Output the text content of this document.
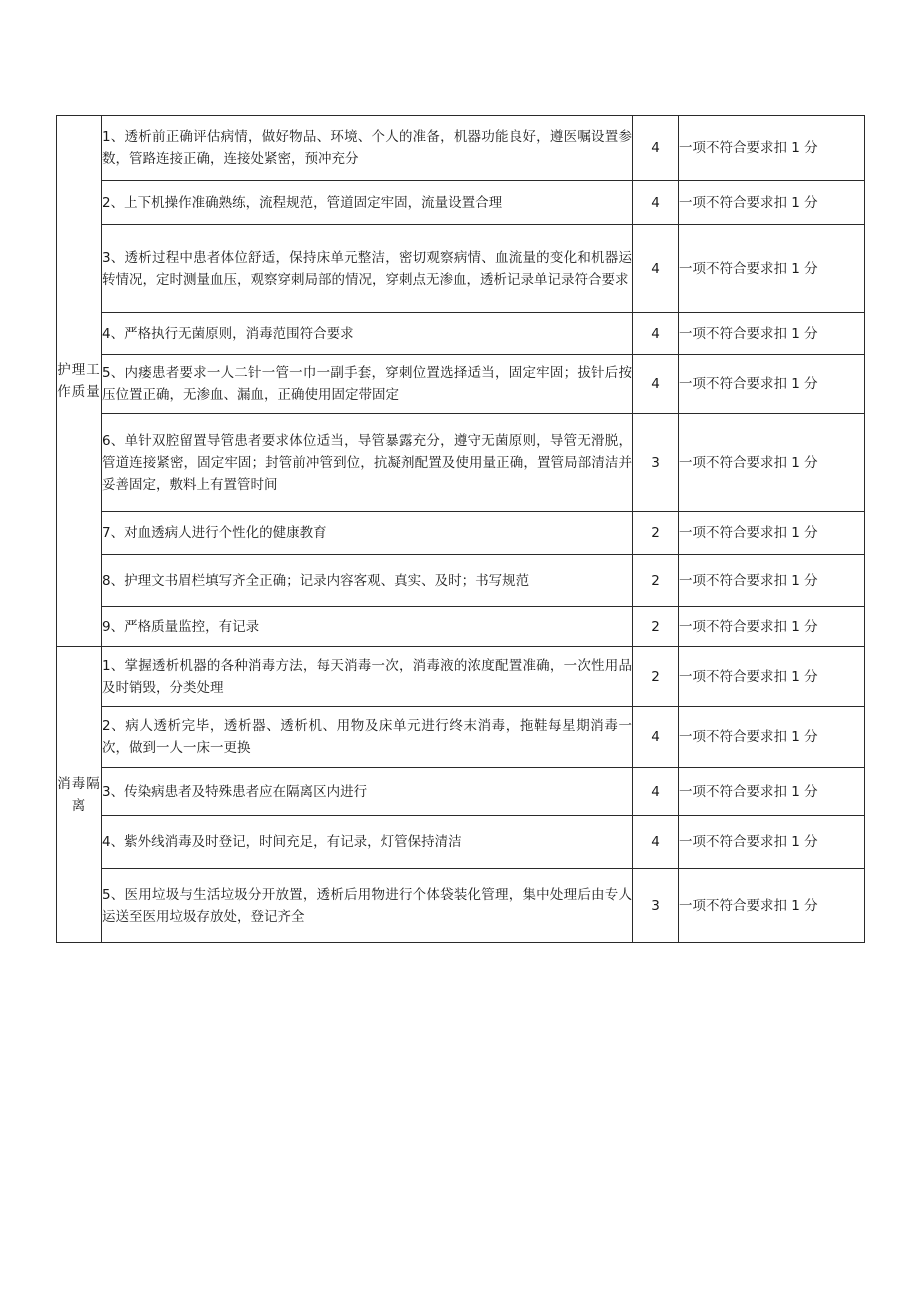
护理工作质量	1、透析前正确评估病情，做好物品、环境、个人的准备，机器功能良好，遵医嘱设置参数，管路连接正确，连接处紧密，预冲充分	4	一项不符合要求扣 1 分
	2、上下机操作准确熟练，流程规范，管道固定牢固，流量设置合理	4	一项不符合要求扣 1 分
	3、透析过程中患者体位舒适，保持床单元整洁，密切观察病情、血流量的变化和机器运转情况，定时测量血压，观察穿刺局部的情况，穿刺点无渗血，透析记录单记录符合要求	4	一项不符合要求扣 1 分
	4、严格执行无菌原则，消毒范围符合要求	4	一项不符合要求扣 1 分
	5、内瘘患者要求一人二针一管一巾一副手套，穿刺位置选择适当，固定牢固；拔针后按压位置正确，无渗血、漏血，正确使用固定带固定	4	一项不符合要求扣 1 分
	6、单针双腔留置导管患者要求体位适当，导管暴露充分，遵守无菌原则，导管无滑脱，管道连接紧密，固定牢固；封管前冲管到位，抗凝剂配置及使用量正确，置管局部清洁并妥善固定，敷料上有置管时间	3	一项不符合要求扣 1 分
	7、对血透病人进行个性化的健康教育	2	一项不符合要求扣 1 分
	8、护理文书眉栏填写齐全正确；记录内容客观、真实、及时；书写规范	2	一项不符合要求扣 1 分
	9、严格质量监控，有记录	2	一项不符合要求扣 1 分

消毒隔离	1、掌握透析机器的各种消毒方法，每天消毒一次，消毒液的浓度配置准确，一次性用品及时销毁，分类处理	2	一项不符合要求扣 1 分
	2、病人透析完毕，透析器、透析机、用物及床单元进行终末消毒，拖鞋每星期消毒一次，做到一人一床一更换	4	一项不符合要求扣 1 分
	3、传染病患者及特殊患者应在隔离区内进行	4	一项不符合要求扣 1 分
	4、紫外线消毒及时登记，时间充足，有记录，灯管保持清洁	4	一项不符合要求扣 1 分
	5、医用垃圾与生活垃圾分开放置，透析后用物进行个体袋装化管理，集中处理后由专人运送至医用垃圾存放处，登记齐全	3	一项不符合要求扣 1 分
